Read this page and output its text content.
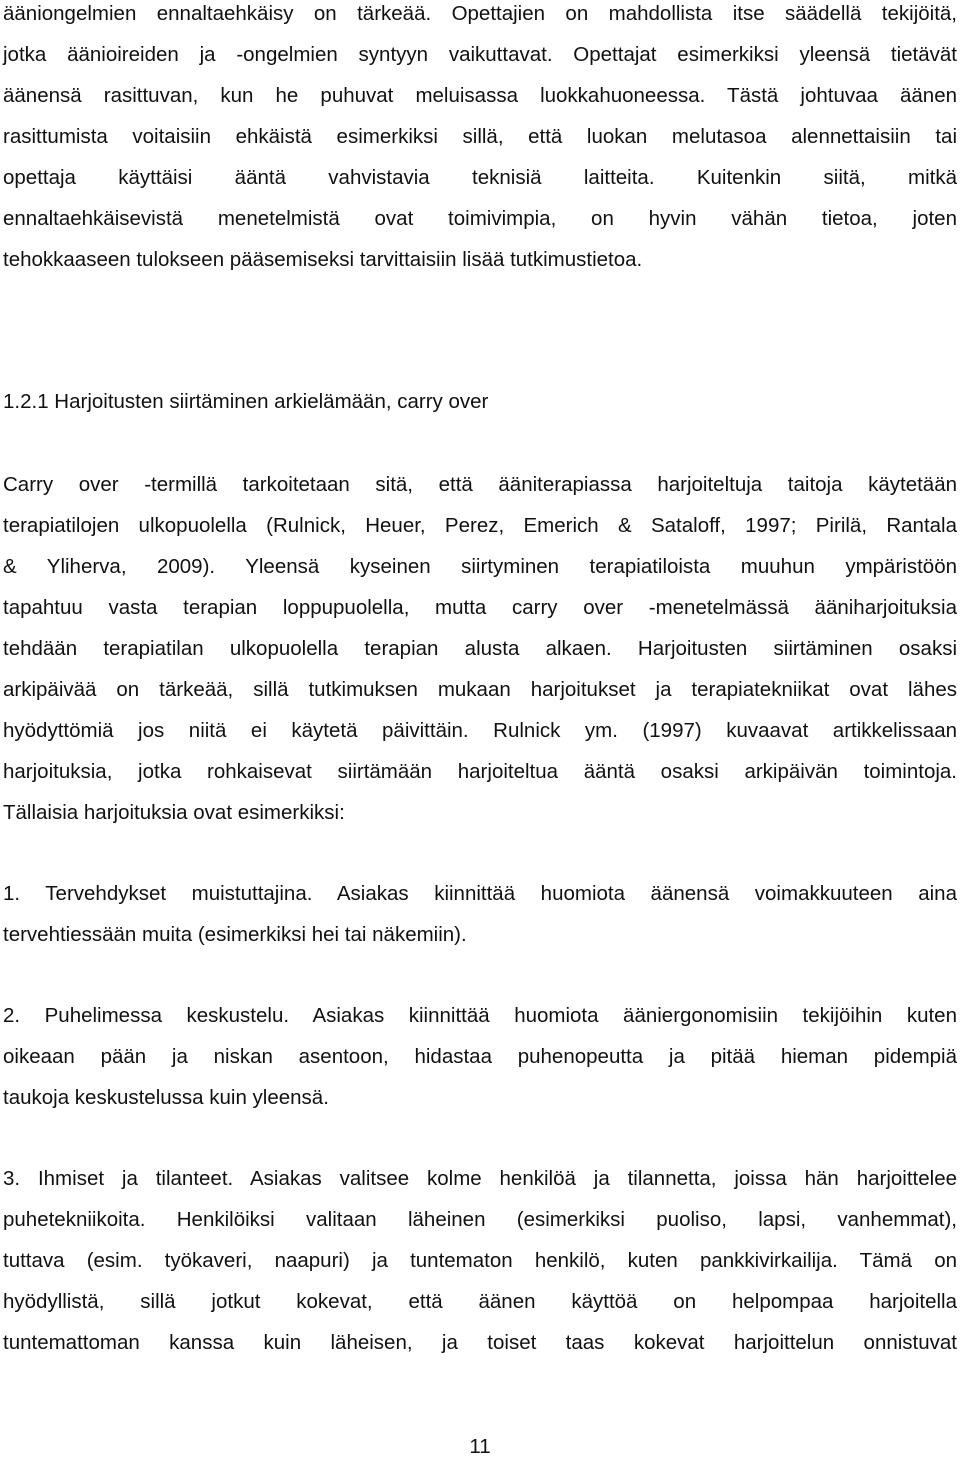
ääniongelmien ennaltaehkäisy on tärkeää. Opettajien on mahdollista itse säädellä tekijöitä,
jotka äänioireiden ja -ongelmien syntyyn vaikuttavat. Opettajat esimerkiksi yleensä tietävät
äänensä rasittuvan, kun he puhuvat meluisassa luokkahuoneessa. Tästä johtuvaa äänen
rasittumista voitaisiin ehkäistä esimerkiksi sillä, että luokan melutasoa alennettaisiin tai
opettaja käyttäisi ääntä vahvistavia teknisiä laitteita. Kuitenkin siitä, mitkä
ennaltaehkäisevistä menetelmistä ovat toimivimpia, on hyvin vähän tietoa, joten
tehokkaaseen tulokseen pääsemiseksi tarvittaisiin lisää tutkimustietoa.
1.2.1 Harjoitusten siirtäminen arkielämään, carry over
Carry over -termillä tarkoitetaan sitä, että ääniterapiassa harjoiteltuja taitoja käytetään
terapiatilojen ulkopuolella (Rulnick, Heuer, Perez, Emerich & Sataloff, 1997; Pirilä, Rantala
& Yliherva, 2009). Yleensä kyseinen siirtyminen terapiatiloista muuhun ympäristöön
tapahtuu vasta terapian loppupuolella, mutta carry over -menetelmässä ääniharjoituksia
tehdään terapiatilan ulkopuolella terapian alusta alkaen. Harjoitusten siirtäminen osaksi
arkipäivää on tärkeää, sillä tutkimuksen mukaan harjoitukset ja terapiatekniikat ovat lähes
hyödyttömiä jos niitä ei käytetä päivittäin. Rulnick ym. (1997) kuvaavat artikkelissaan
harjoituksia, jotka rohkaisevat siirtämään harjoiteltua ääntä osaksi arkipäivän toimintoja.
Tällaisia harjoituksia ovat esimerkiksi:
1. Tervehdykset muistuttajina. Asiakas kiinnittää huomiota äänensä voimakkuuteen aina
tervehtiessään muita (esimerkiksi hei tai näkemiin).
2. Puhelimessa keskustelu. Asiakas kiinnittää huomiota ääniergonomisiin tekijöihin kuten
oikeaan pään ja niskan asentoon, hidastaa puhenopeutta ja pitää hieman pidempiä
taukoja keskustelussa kuin yleensä.
3. Ihmiset ja tilanteet. Asiakas valitsee kolme henkilöä ja tilannetta, joissa hän harjoittelee
puhetekniikoita. Henkilöiksi valitaan läheinen (esimerkiksi puoliso, lapsi, vanhemmat),
tuttava (esim. työkaveri, naapuri) ja tuntematon henkilö, kuten pankkivirkailija. Tämä on
hyödyllistä, sillä jotkut kokevat, että äänen käyttöä on helpompaa harjoitella
tuntemattoman kanssa kuin läheisen, ja toiset taas kokevat harjoittelun onnistuvat
11
